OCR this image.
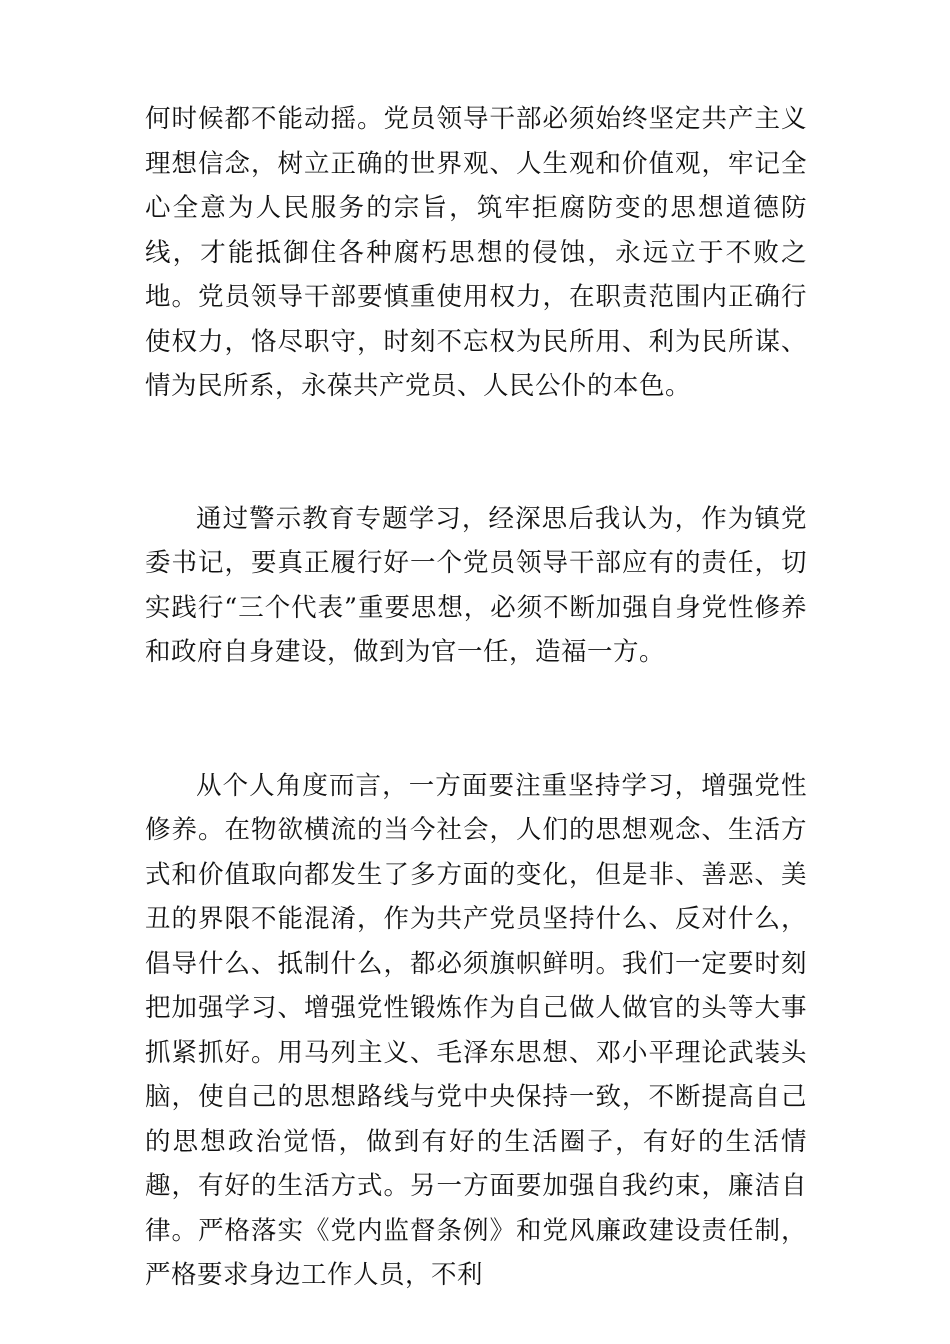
何时候都不能动摇。党员领导干部必须始终坚定共产主义理想信念，树立正确的世界观、人生观和价值观，牢记全心全意为人民服务的宗旨，筑牢拒腐防变的思想道德防线，才能抵御住各种腐朽思想的侵蚀，永远立于不败之地。党员领导干部要慎重使用权力，在职责范围内正确行使权力，恪尽职守，时刻不忘权为民所用、利为民所谋、情为民所系，永葆共产党员、人民公仆的本色。

通过警示教育专题学习，经深思后我认为，作为镇党委书记，要真正履行好一个党员领导干部应有的责任，切实践行“三个代表”重要思想，必须不断加强自身党性修养和政府自身建设，做到为官一任，造福一方。

从个人角度而言，一方面要注重坚持学习，增强党性修养。在物欲横流的当今社会，人们的思想观念、生活方式和价值取向都发生了多方面的变化，但是非、善恶、美丑的界限不能混淆，作为共产党员坚持什么、反对什么，倡导什么、抵制什么，都必须旗帜鲜明。我们一定要时刻把加强学习、增强党性锻炼作为自己做人做官的头等大事抓紧抓好。用马列主义、毛泽东思想、邓小平理论武装头脑，使自己的思想路线与党中央保持一致，不断提高自己的思想政治觉悟，做到有好的生活圈子，有好的生活情趣，有好的生活方式。另一方面要加强自我约束，廉洁自律。严格落实《党内监督条例》和党风廉政建设责任制，严格要求身边工作人员，不利
